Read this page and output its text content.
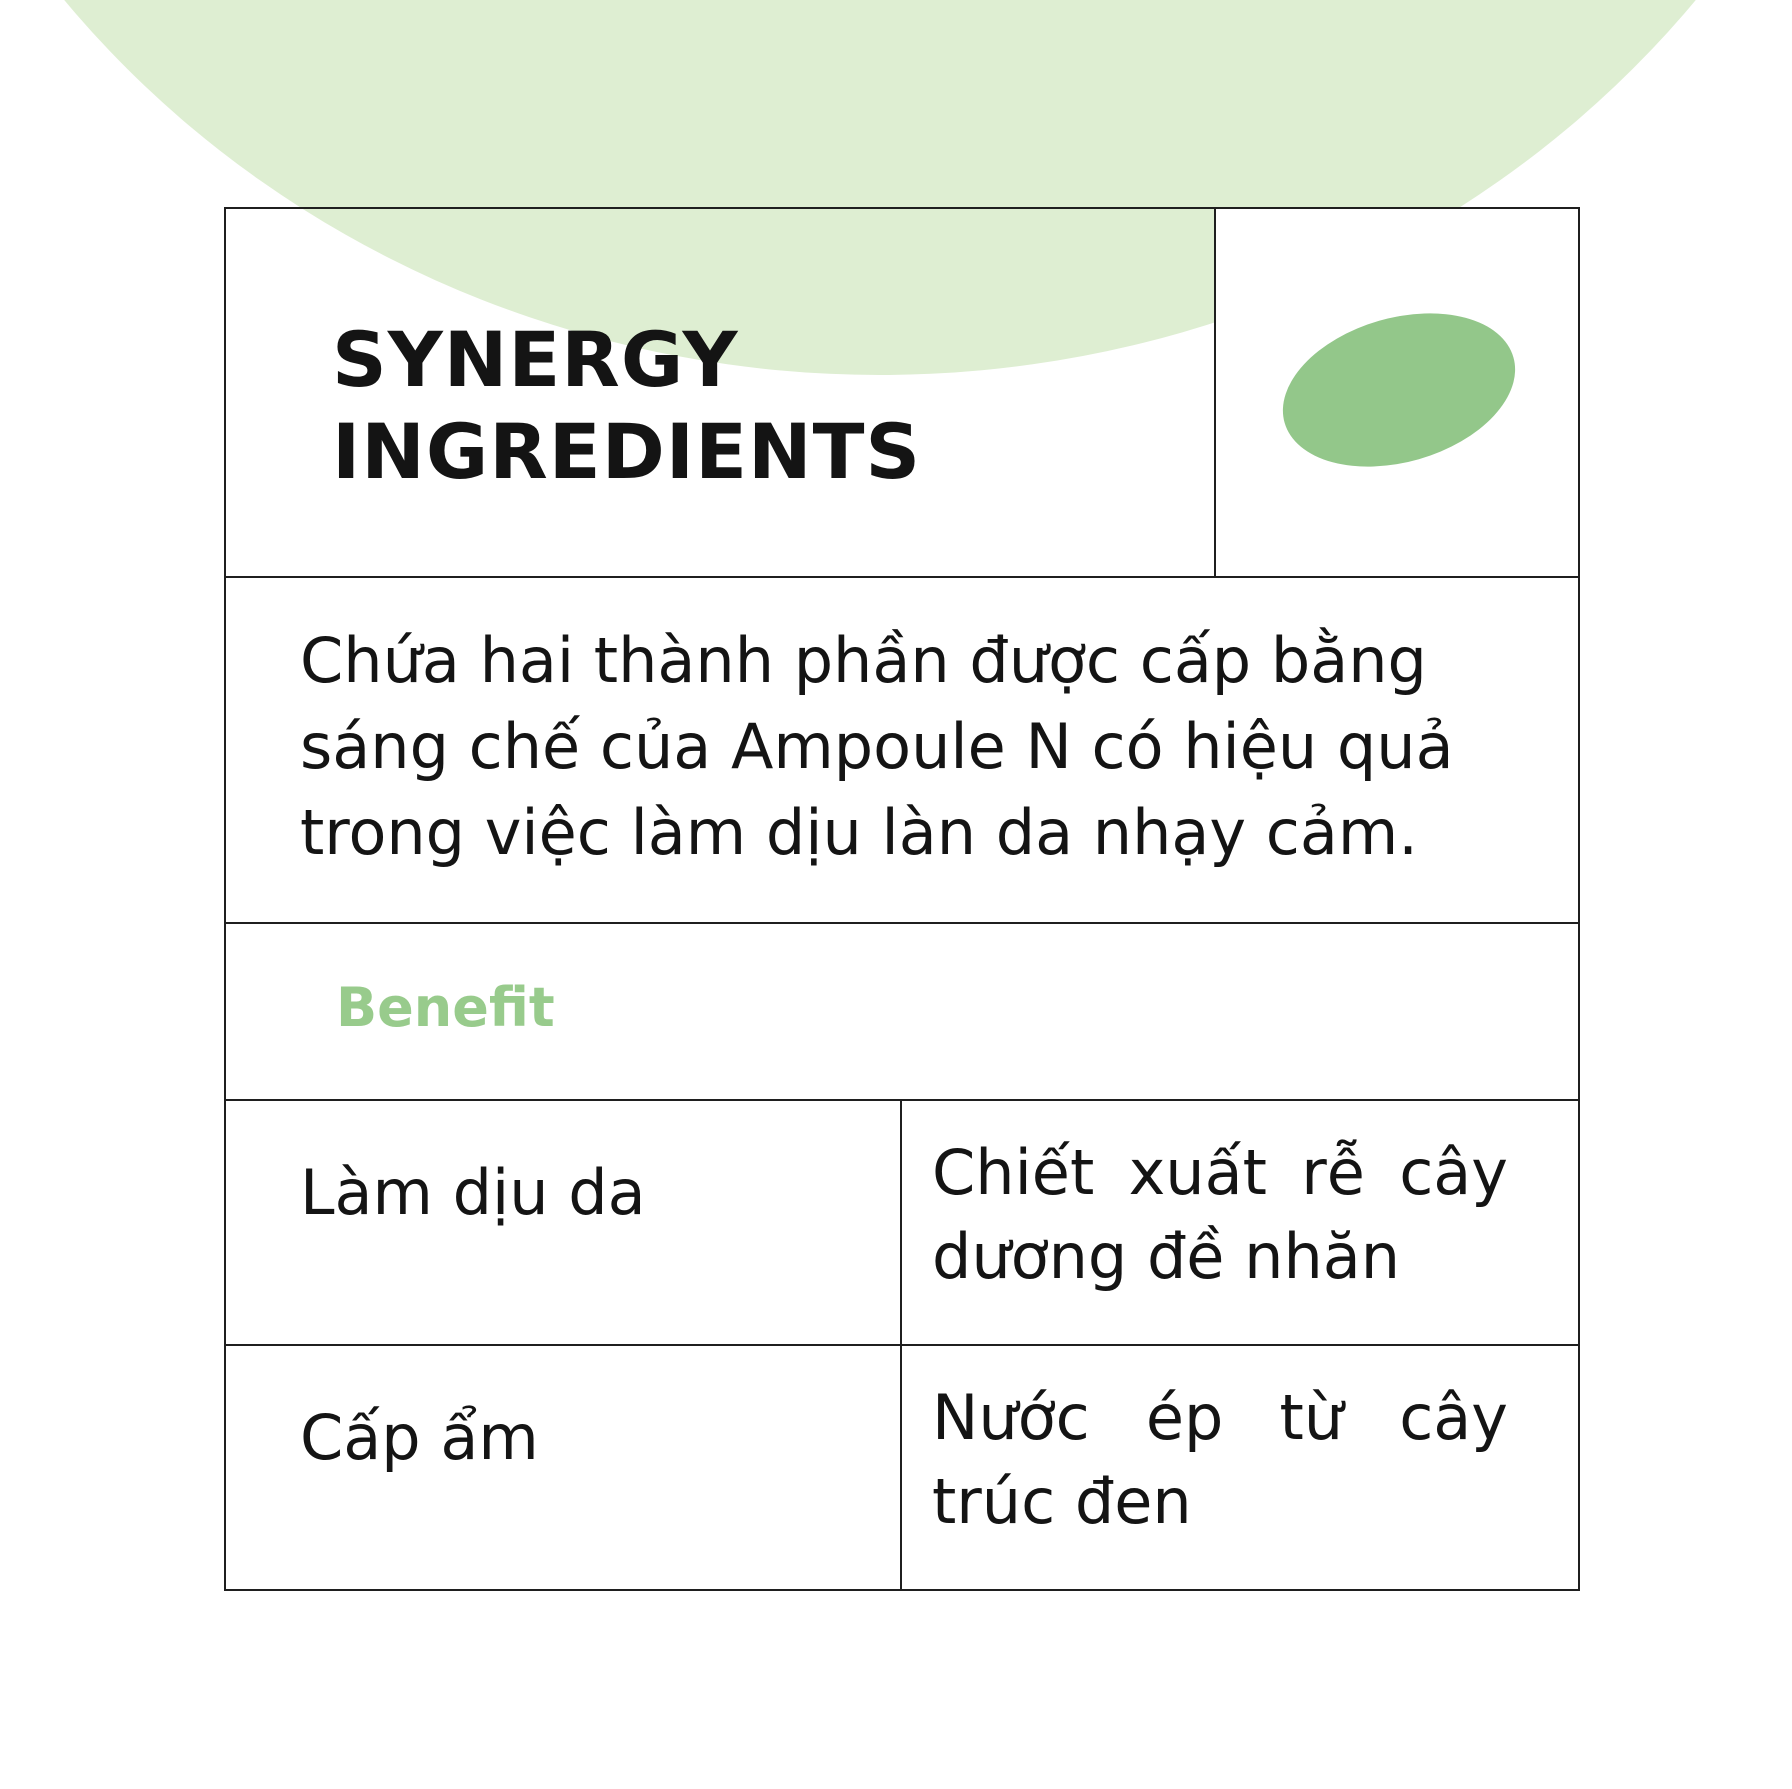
SYNERGY
INGREDIENTS
Chứa hai thành phần được cấp bằng sáng chế của Ampoule N có hiệu quả trong việc làm dịu làn da nhạy cảm.
Benefit
Làm dịu da	Chiết xuất rễ cây dương đề nhăn
Cấp ẩm	Nước ép từ cây trúc đen
